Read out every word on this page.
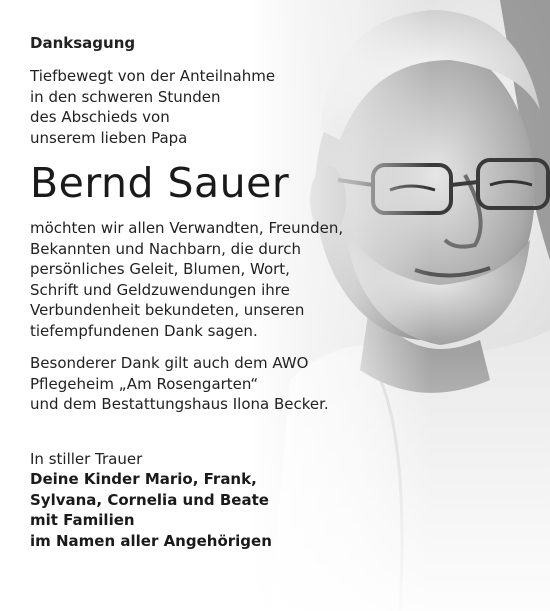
Danksagung

Tiefbewegt von der Anteilnahme
in den schweren Stunden
des Abschieds von
unserem lieben Papa

Bernd Sauer

möchten wir allen Verwandten, Freunden,
Bekannten und Nachbarn, die durch
persönliches Geleit, Blumen, Wort,
Schrift und Geldzuwendungen ihre
Verbundenheit bekundeten, unseren
tiefempfundenen Dank sagen.

Besonderer Dank gilt auch dem AWO
Pflegeheim „Am Rosengarten“
und dem Bestattungshaus Ilona Becker.

In stiller Trauer

Deine Kinder Mario, Frank,
Sylvana, Cornelia und Beate
mit Familien
im Namen aller Angehörigen
